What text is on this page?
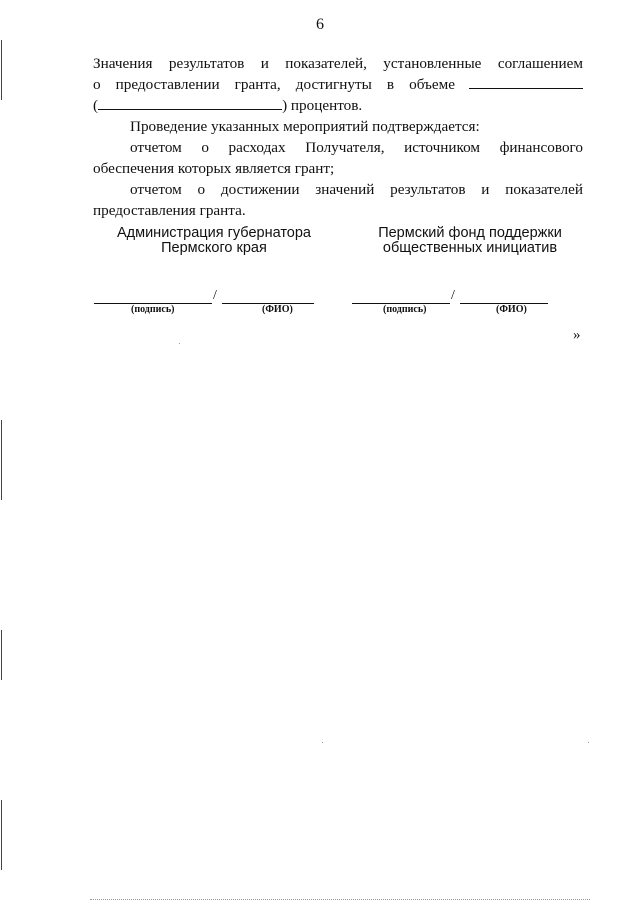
6
Значения результатов и показателей, установленные соглашением
о предоставлении гранта, достигнуты в объеме
(	) процентов.
Проведение указанных мероприятий подтверждается:
отчетом о расходах Получателя, источником финансового
обеспечения которых является грант;
отчетом о достижении значений результатов и показателей
предоставления гранта.
Администрация губернатора
Пермского края
Пермский фонд поддержки
общественных инициатив
/
(подпись)	(ФИО)
/
(подпись)	(ФИО)
»
